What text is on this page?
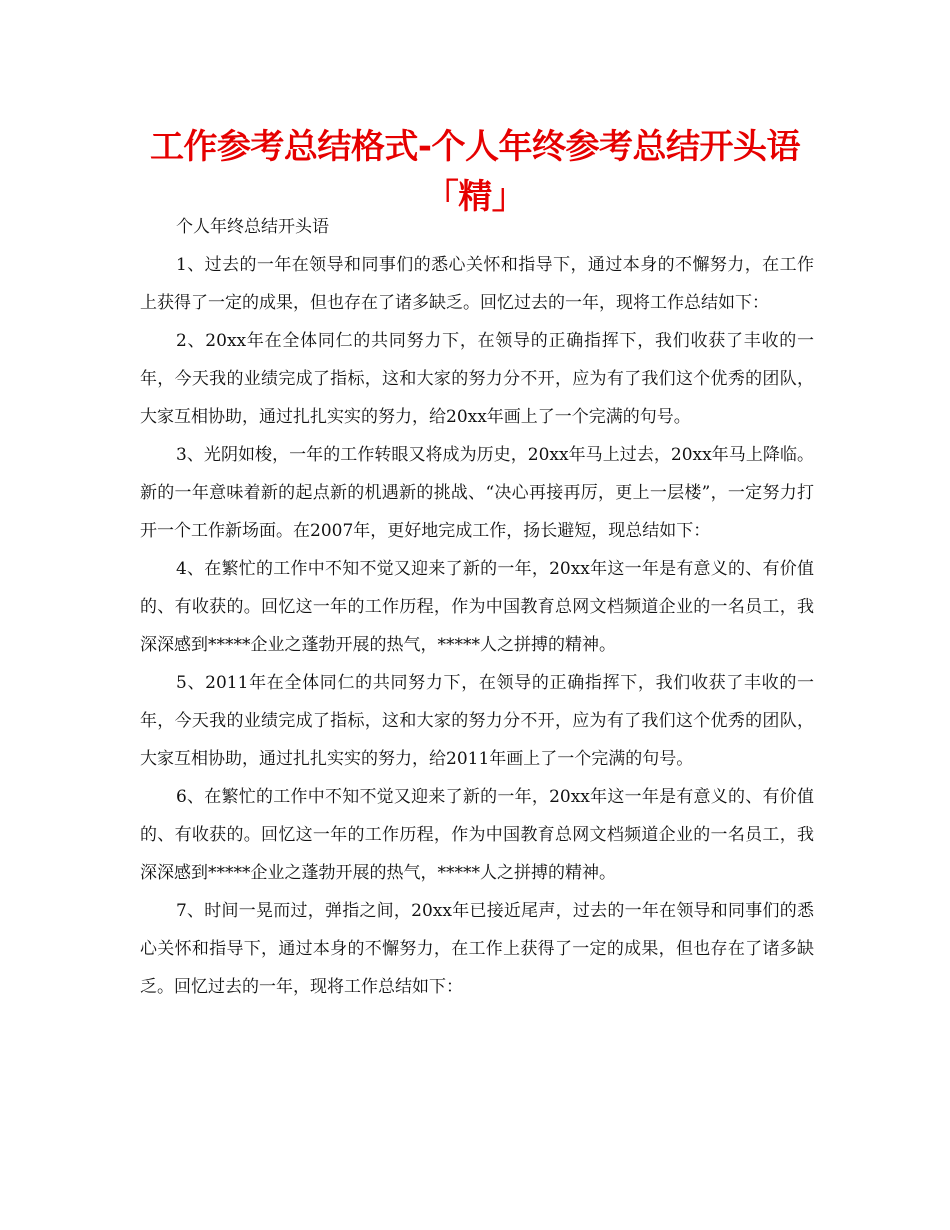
工作参考总结格式-个人年终参考总结开头语「精」

个人年终总结开头语

1、过去的一年在领导和同事们的悉心关怀和指导下，通过本身的不懈努力，在工作上获得了一定的成果，但也存在了诸多缺乏。回忆过去的一年，现将工作总结如下：

2、20xx年在全体同仁的共同努力下，在领导的正确指挥下，我们收获了丰收的一年，今天我的业绩完成了指标，这和大家的努力分不开，应为有了我们这个优秀的团队，大家互相协助，通过扎扎实实的努力，给20xx年画上了一个完满的句号。

3、光阴如梭，一年的工作转眼又将成为历史，20xx年马上过去，20xx年马上降临。新的一年意味着新的起点新的机遇新的挑战、“决心再接再厉，更上一层楼”，一定努力打开一个工作新场面。在2007年，更好地完成工作，扬长避短，现总结如下：

4、在繁忙的工作中不知不觉又迎来了新的一年，20xx年这一年是有意义的、有价值的、有收获的。回忆这一年的工作历程，作为中国教育总网文档频道企业的一名员工，我深深感到*****企业之蓬勃开展的热气，*****人之拼搏的精神。

5、2011年在全体同仁的共同努力下，在领导的正确指挥下，我们收获了丰收的一年，今天我的业绩完成了指标，这和大家的努力分不开，应为有了我们这个优秀的团队，大家互相协助，通过扎扎实实的努力，给2011年画上了一个完满的句号。

6、在繁忙的工作中不知不觉又迎来了新的一年，20xx年这一年是有意义的、有价值的、有收获的。回忆这一年的工作历程，作为中国教育总网文档频道企业的一名员工，我深深感到*****企业之蓬勃开展的热气，*****人之拼搏的精神。

7、时间一晃而过，弹指之间，20xx年已接近尾声，过去的一年在领导和同事们的悉心关怀和指导下，通过本身的不懈努力，在工作上获得了一定的成果，但也存在了诸多缺乏。回忆过去的一年，现将工作总结如下：
